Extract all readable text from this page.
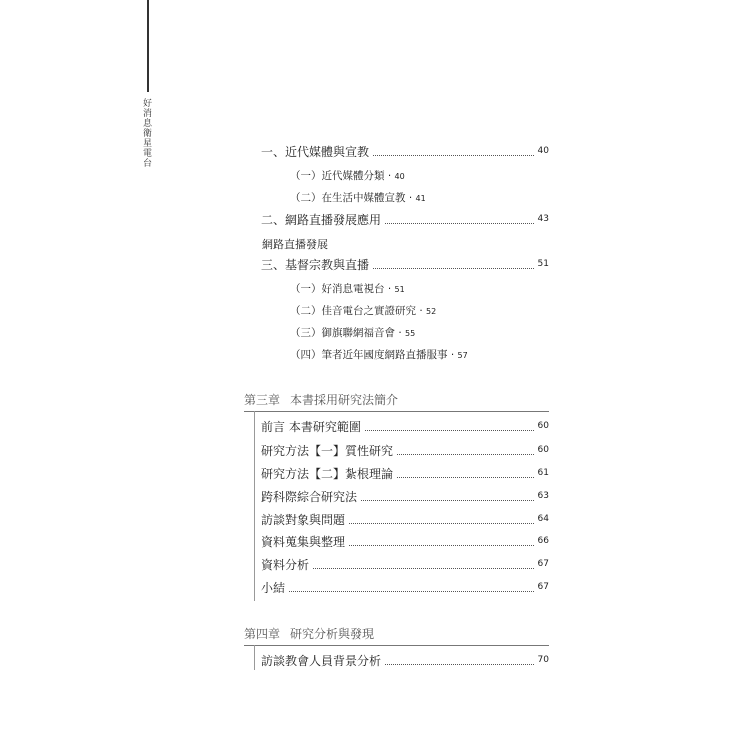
好消息衛星電台	一、近代媒體與宣教	40
（一）近代媒體分類 · 40
（二）在生活中媒體宣教 · 41
二、網路直播發展應用	43
網路直播發展
三、基督宗教與直播	51
（一）好消息電視台 · 51
（二）佳音電台之實證研究 · 52
（三）御旗聯網福音會 · 55
（四）筆者近年國度網路直播服事 · 57
第三章 本書採用研究法簡介
前言 本書研究範圍	60
研究方法【一】質性研究	60
研究方法【二】紮根理論	61
跨科際綜合研究法	63
訪談對象與問題	64
資料蒐集與整理	66
資料分析	67
小結	67
第四章 研究分析與發現
訪談教會人員背景分析	70
